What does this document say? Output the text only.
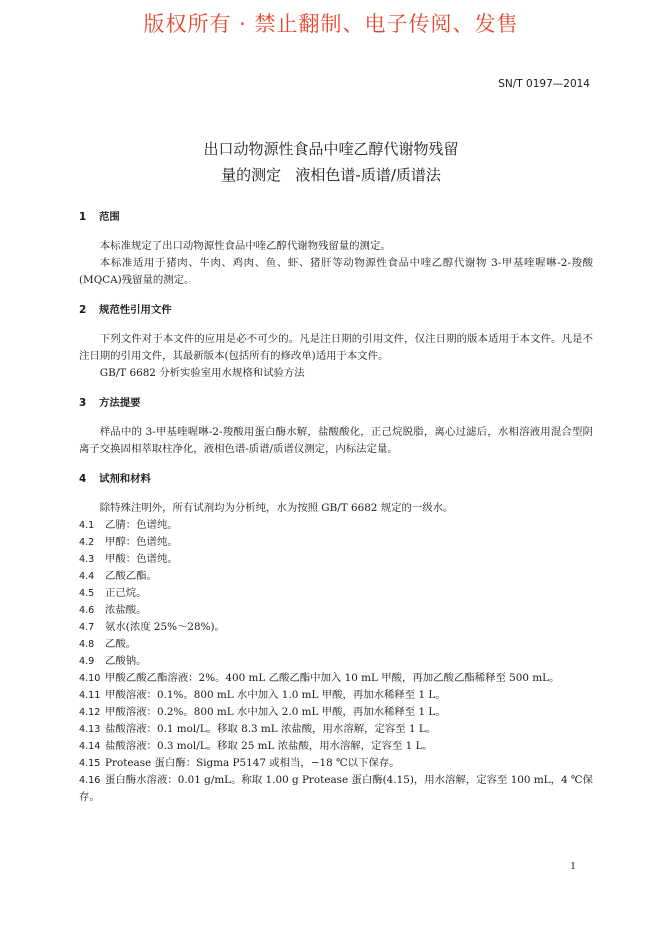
版权所有 · 禁止翻制、电子传阅、发售
SN/T 0197—2014
出口动物源性食品中喹乙醇代谢物残留
量的测定   液相色谱-质谱/质谱法

1 范围

本标准规定了出口动物源性食品中喹乙醇代谢物残留量的测定。

本标准适用于猪肉、牛肉、鸡肉、鱼、虾、猪肝等动物源性食品中喹乙醇代谢物 3-甲基喹喔啉-2-羧酸(MQCA)残留量的测定。

2 规范性引用文件

下列文件对于本文件的应用是必不可少的。凡是注日期的引用文件，仅注日期的版本适用于本文件。凡是不注日期的引用文件，其最新版本(包括所有的修改单)适用于本文件。

GB/T 6682 分析实验室用水规格和试验方法

3 方法提要

样品中的 3-甲基喹喔啉-2-羧酸用蛋白酶水解，盐酸酸化，正己烷脱脂，离心过滤后，水相溶液用混合型阴离子交换固相萃取柱净化，液相色谱-质谱/质谱仪测定，内标法定量。

4 试剂和材料

除特殊注明外，所有试剂均为分析纯，水为按照 GB/T 6682 规定的一级水。

4.1 乙腈：色谱纯。

4.2 甲醇：色谱纯。

4.3 甲酸：色谱纯。

4.4 乙酸乙酯。

4.5 正己烷。

4.6 浓盐酸。

4.7 氨水(浓度 25%～28%)。

4.8 乙酸。

4.9 乙酸钠。

4.10 甲酸乙酸乙酯溶液：2%。400 mL 乙酸乙酯中加入 10 mL 甲酸，再加乙酸乙酯稀释至 500 mL。

4.11 甲酸溶液：0.1%。800 mL 水中加入 1.0 mL 甲酸，再加水稀释至 1 L。

4.12 甲酸溶液：0.2%。800 mL 水中加入 2.0 mL 甲酸，再加水稀释至 1 L。

4.13 盐酸溶液：0.1 mol/L。移取 8.3 mL 浓盐酸，用水溶解，定容至 1 L。

4.14 盐酸溶液：0.3 mol/L。移取 25 mL 浓盐酸，用水溶解，定容至 1 L。

4.15 Protease 蛋白酶：Sigma P5147 或相当，−18 ℃以下保存。

4.16 蛋白酶水溶液：0.01 g/mL。称取 1.00 g Protease 蛋白酶(4.15)，用水溶解，定容至 100 mL，4 ℃保存。

1
